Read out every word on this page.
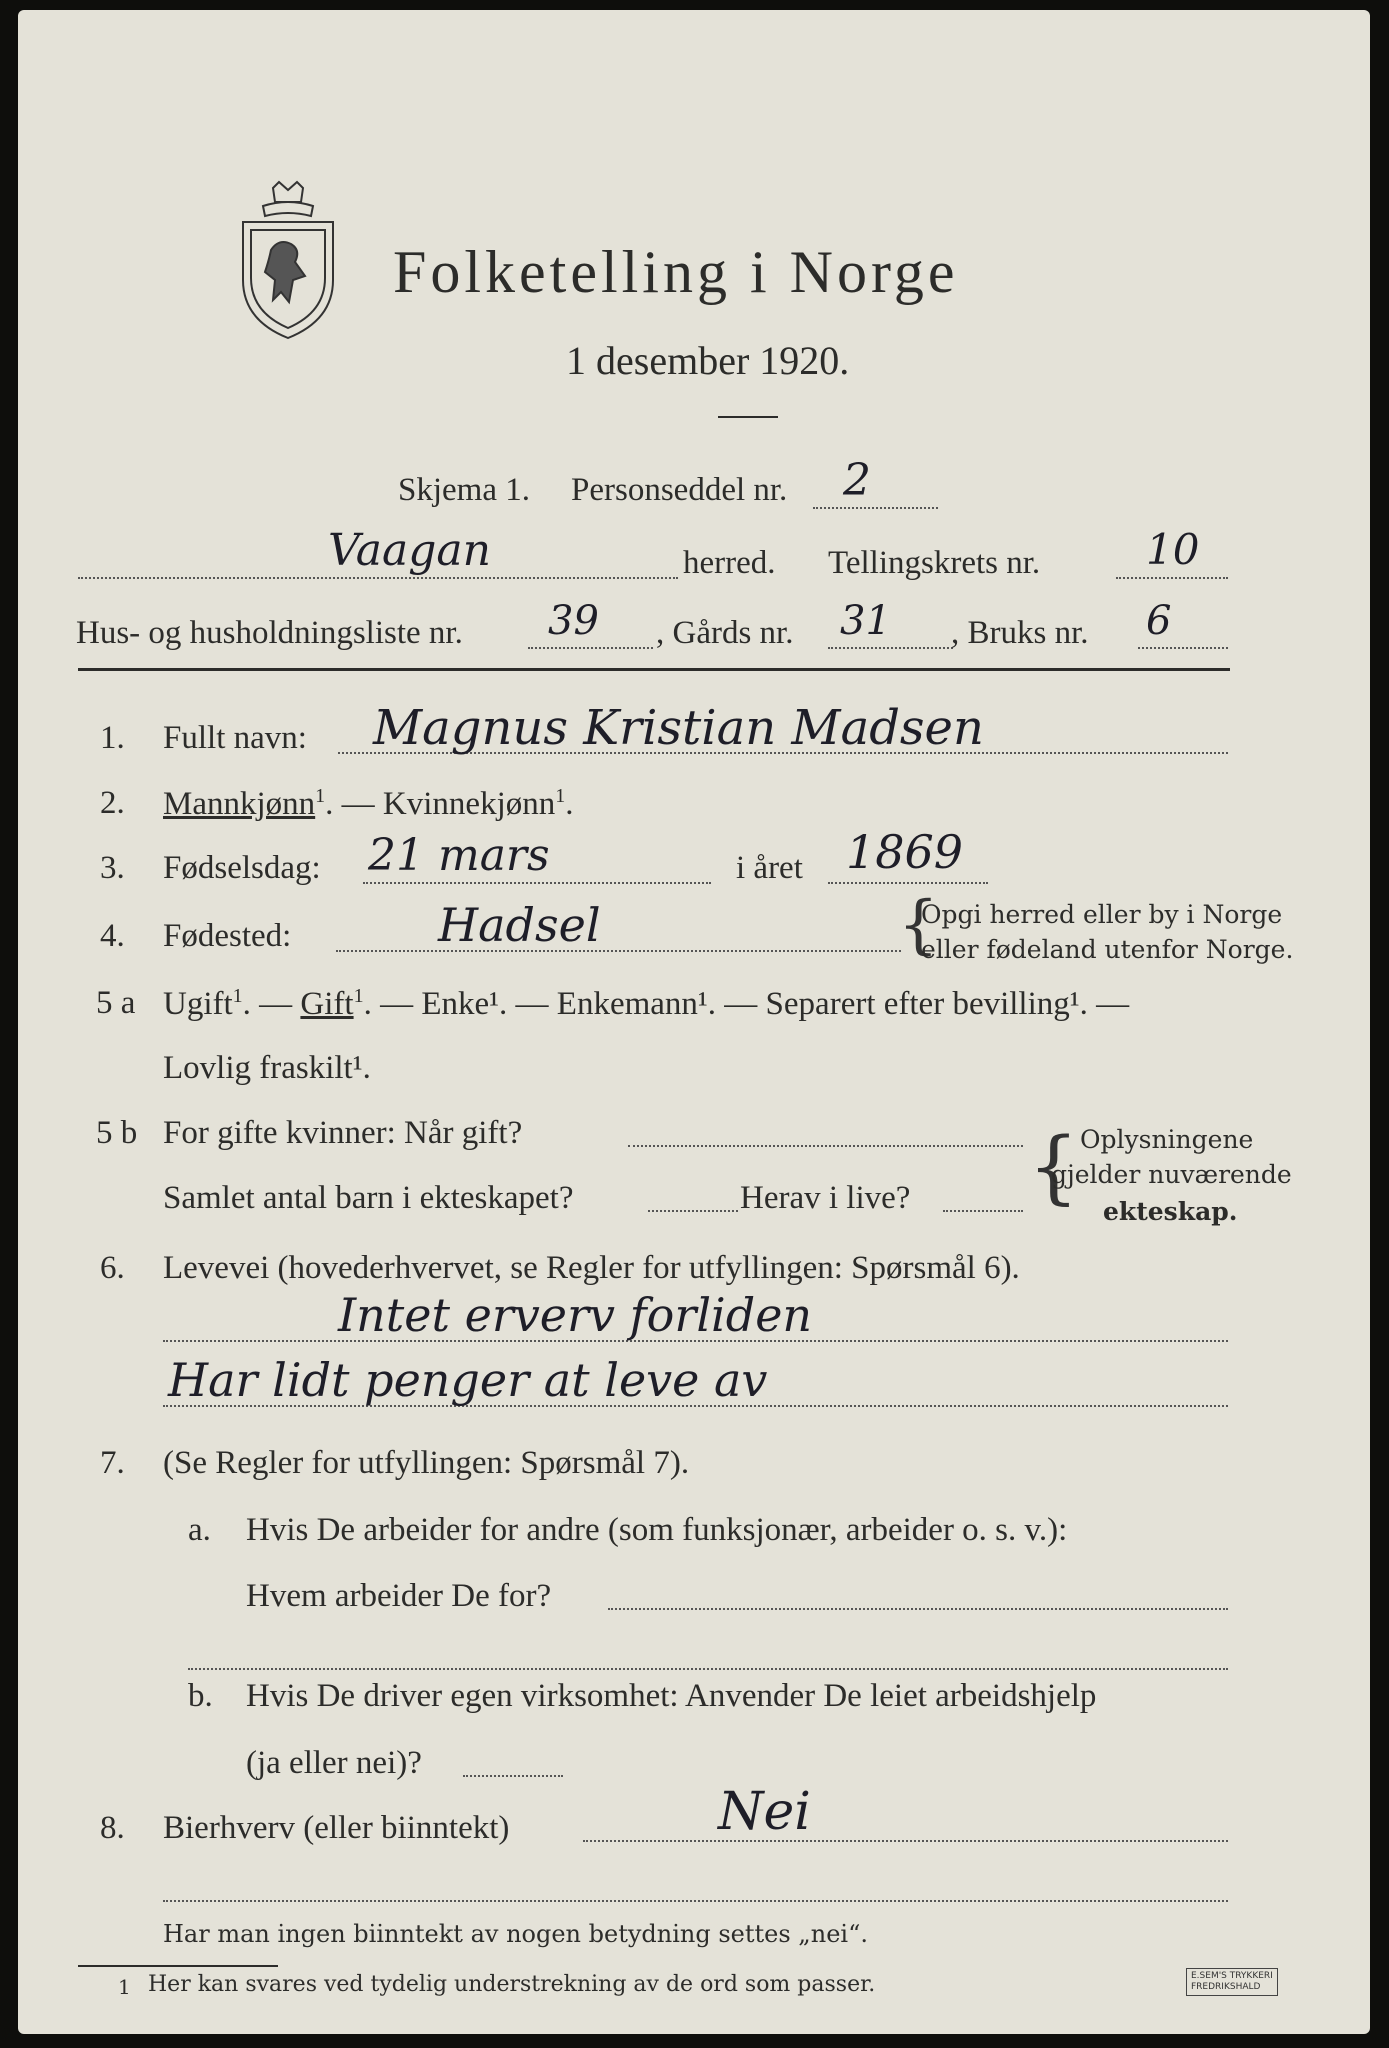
Folketelling i Norge
1 desember 1920.
Skjema 1. Personseddel nr. 2
Vaagan	herred. Tellingskrets nr.	10
Hus- og husholdningsliste nr. 39 , Gårds nr. 31 , Bruks nr. 6
1. Fullt navn: Magnus Kristian Madsen
2. Mannkjønn$^1$. — Kvinnekjønn$^1$.
3. Fødselsdag: 21 mars	i året 1869
4. Fødested:	Hadsel	{
Opgi herred eller by i Norge
eller fødeland utenfor Norge.
5 a Ugift$^1$. — Gift$^1$. — Enke¹. — Enkemann¹. — Separert efter bevilling¹. —
Lovlig fraskilt¹.
5 b For gifte kvinner: Når gift?
Samlet antal barn i ekteskapet?	Herav i live? { Oplysningene
gjelder nuværende
ekteskap.
6. Levevei (hovederhvervet, se Regler for utfyllingen: Spørsmål 6).
Intet erverv forliden
Har lidt penger at leve av
7. (Se Regler for utfyllingen: Spørsmål 7).
a. Hvis De arbeider for andre (som funksjonær, arbeider o. s. v.):
Hvem arbeider De for?
b. Hvis De driver egen virksomhet: Anvender De leiet arbeidshjelp
(ja eller nei)?
8. Bierhverv (eller biinntekt)	Nei
Har man ingen biinntekt av nogen betydning settes „nei“.
1 Her kan svares ved tydelig understrekning av de ord som passer.	E.SEM'S TRYKKERI
FREDRIKSHALD
